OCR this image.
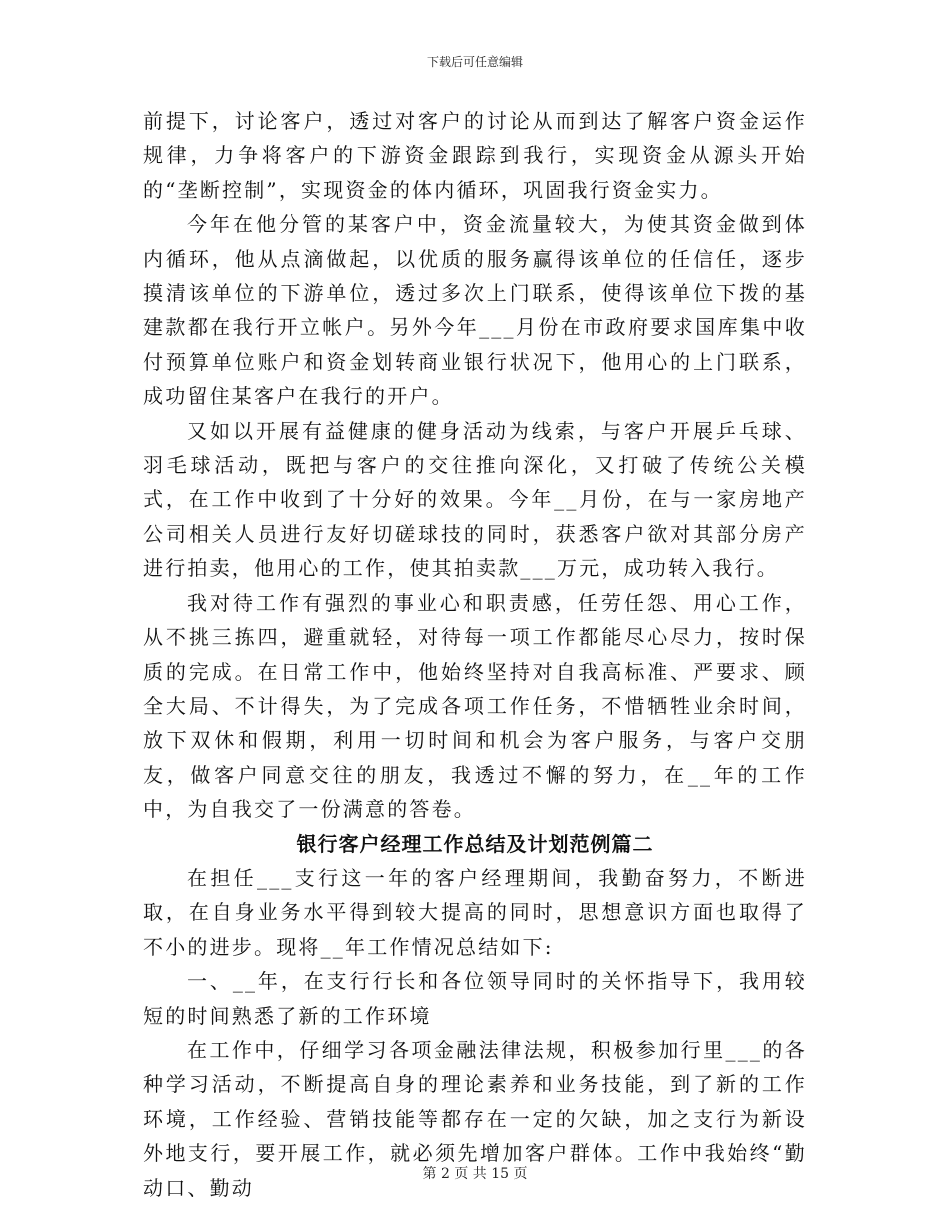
下载后可任意编辑

前提下，讨论客户，透过对客户的讨论从而到达了解客户资金运作规律，力争将客户的下游资金跟踪到我行，实现资金从源头开始的“垄断控制”，实现资金的体内循环，巩固我行资金实力。

今年在他分管的某客户中，资金流量较大，为使其资金做到体内循环，他从点滴做起，以优质的服务赢得该单位的任信任，逐步摸清该单位的下游单位，透过多次上门联系，使得该单位下拨的基建款都在我行开立帐户。另外今年___月份在市政府要求国库集中收付预算单位账户和资金划转商业银行状况下，他用心的上门联系，成功留住某客户在我行的开户。

又如以开展有益健康的健身活动为线索，与客户开展乒乓球、羽毛球活动，既把与客户的交往推向深化，又打破了传统公关模式，在工作中收到了十分好的效果。今年__月份，在与一家房地产公司相关人员进行友好切磋球技的同时，获悉客户欲对其部分房产进行拍卖，他用心的工作，使其拍卖款___万元，成功转入我行。

我对待工作有强烈的事业心和职责感，任劳任怨、用心工作，从不挑三拣四，避重就轻，对待每一项工作都能尽心尽力，按时保质的完成。在日常工作中，他始终坚持对自我高标准、严要求、顾全大局、不计得失，为了完成各项工作任务，不惜牺牲业余时间，放下双休和假期，利用一切时间和机会为客户服务，与客户交朋友，做客户同意交往的朋友，我透过不懈的努力，在__年的工作中，为自我交了一份满意的答卷。

银行客户经理工作总结及计划范例篇二

在担任___支行这一年的客户经理期间，我勤奋努力，不断进取，在自身业务水平得到较大提高的同时，思想意识方面也取得了不小的进步。现将__年工作情况总结如下:

一、__年，在支行行长和各位领导同时的关怀指导下，我用较短的时间熟悉了新的工作环境

在工作中，仔细学习各项金融法律法规，积极参加行里___的各种学习活动，不断提高自身的理论素养和业务技能，到了新的工作环境，工作经验、营销技能等都存在一定的欠缺，加之支行为新设外地支行，要开展工作，就必须先增加客户群体。工作中我始终“勤动口、勤动

第 2 页 共 15 页
